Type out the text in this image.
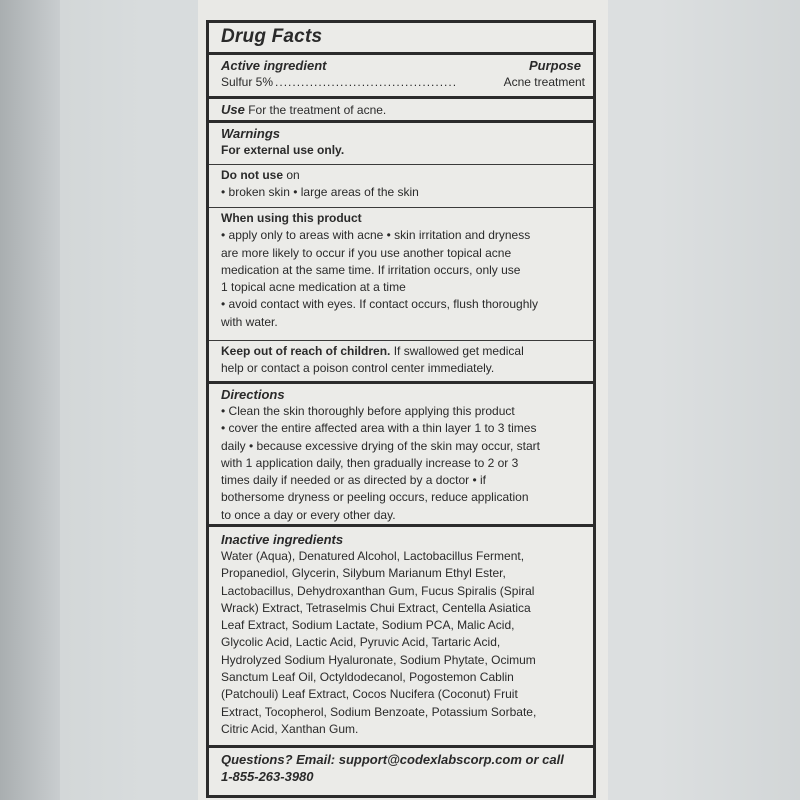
Drug Facts
Active ingredient	Purpose
Sulfur 5% ..........................................	Acne treatment

Use For the treatment of acne.

Warnings
For external use only.

Do not use on

• broken skin • large areas of the skin
When using this product
• apply only to areas with acne • skin irritation and dryness
are more likely to occur if you use another topical acne
medication at the same time. If irritation occurs, only use
1 topical acne medication at a time
• avoid contact with eyes. If contact occurs, flush thoroughly
with water.

Keep out of reach of children. If swallowed get medical

help or contact a poison control center immediately.
Directions
• Clean the skin thoroughly before applying this product
• cover the entire affected area with a thin layer 1 to 3 times
daily • because excessive drying of the skin may occur, start
with 1 application daily, then gradually increase to 2 or 3
times daily if needed or as directed by a doctor • if
bothersome dryness or peeling occurs, reduce application
to once a day or every other day.
Inactive ingredients
Water (Aqua), Denatured Alcohol, Lactobacillus Ferment,
Propanediol, Glycerin, Silybum Marianum Ethyl Ester,
Lactobacillus, Dehydroxanthan Gum, Fucus Spiralis (Spiral
Wrack) Extract, Tetraselmis Chui Extract, Centella Asiatica
Leaf Extract, Sodium Lactate, Sodium PCA, Malic Acid,
Glycolic Acid, Lactic Acid, Pyruvic Acid, Tartaric Acid,
Hydrolyzed Sodium Hyaluronate, Sodium Phytate, Ocimum
Sanctum Leaf Oil, Octyldodecanol, Pogostemon Cablin
(Patchouli) Leaf Extract, Cocos Nucifera (Coconut) Fruit
Extract, Tocopherol, Sodium Benzoate, Potassium Sorbate,
Citric Acid, Xanthan Gum.
Questions? Email: support@codexlabscorp.com or call
1-855-263-3980
